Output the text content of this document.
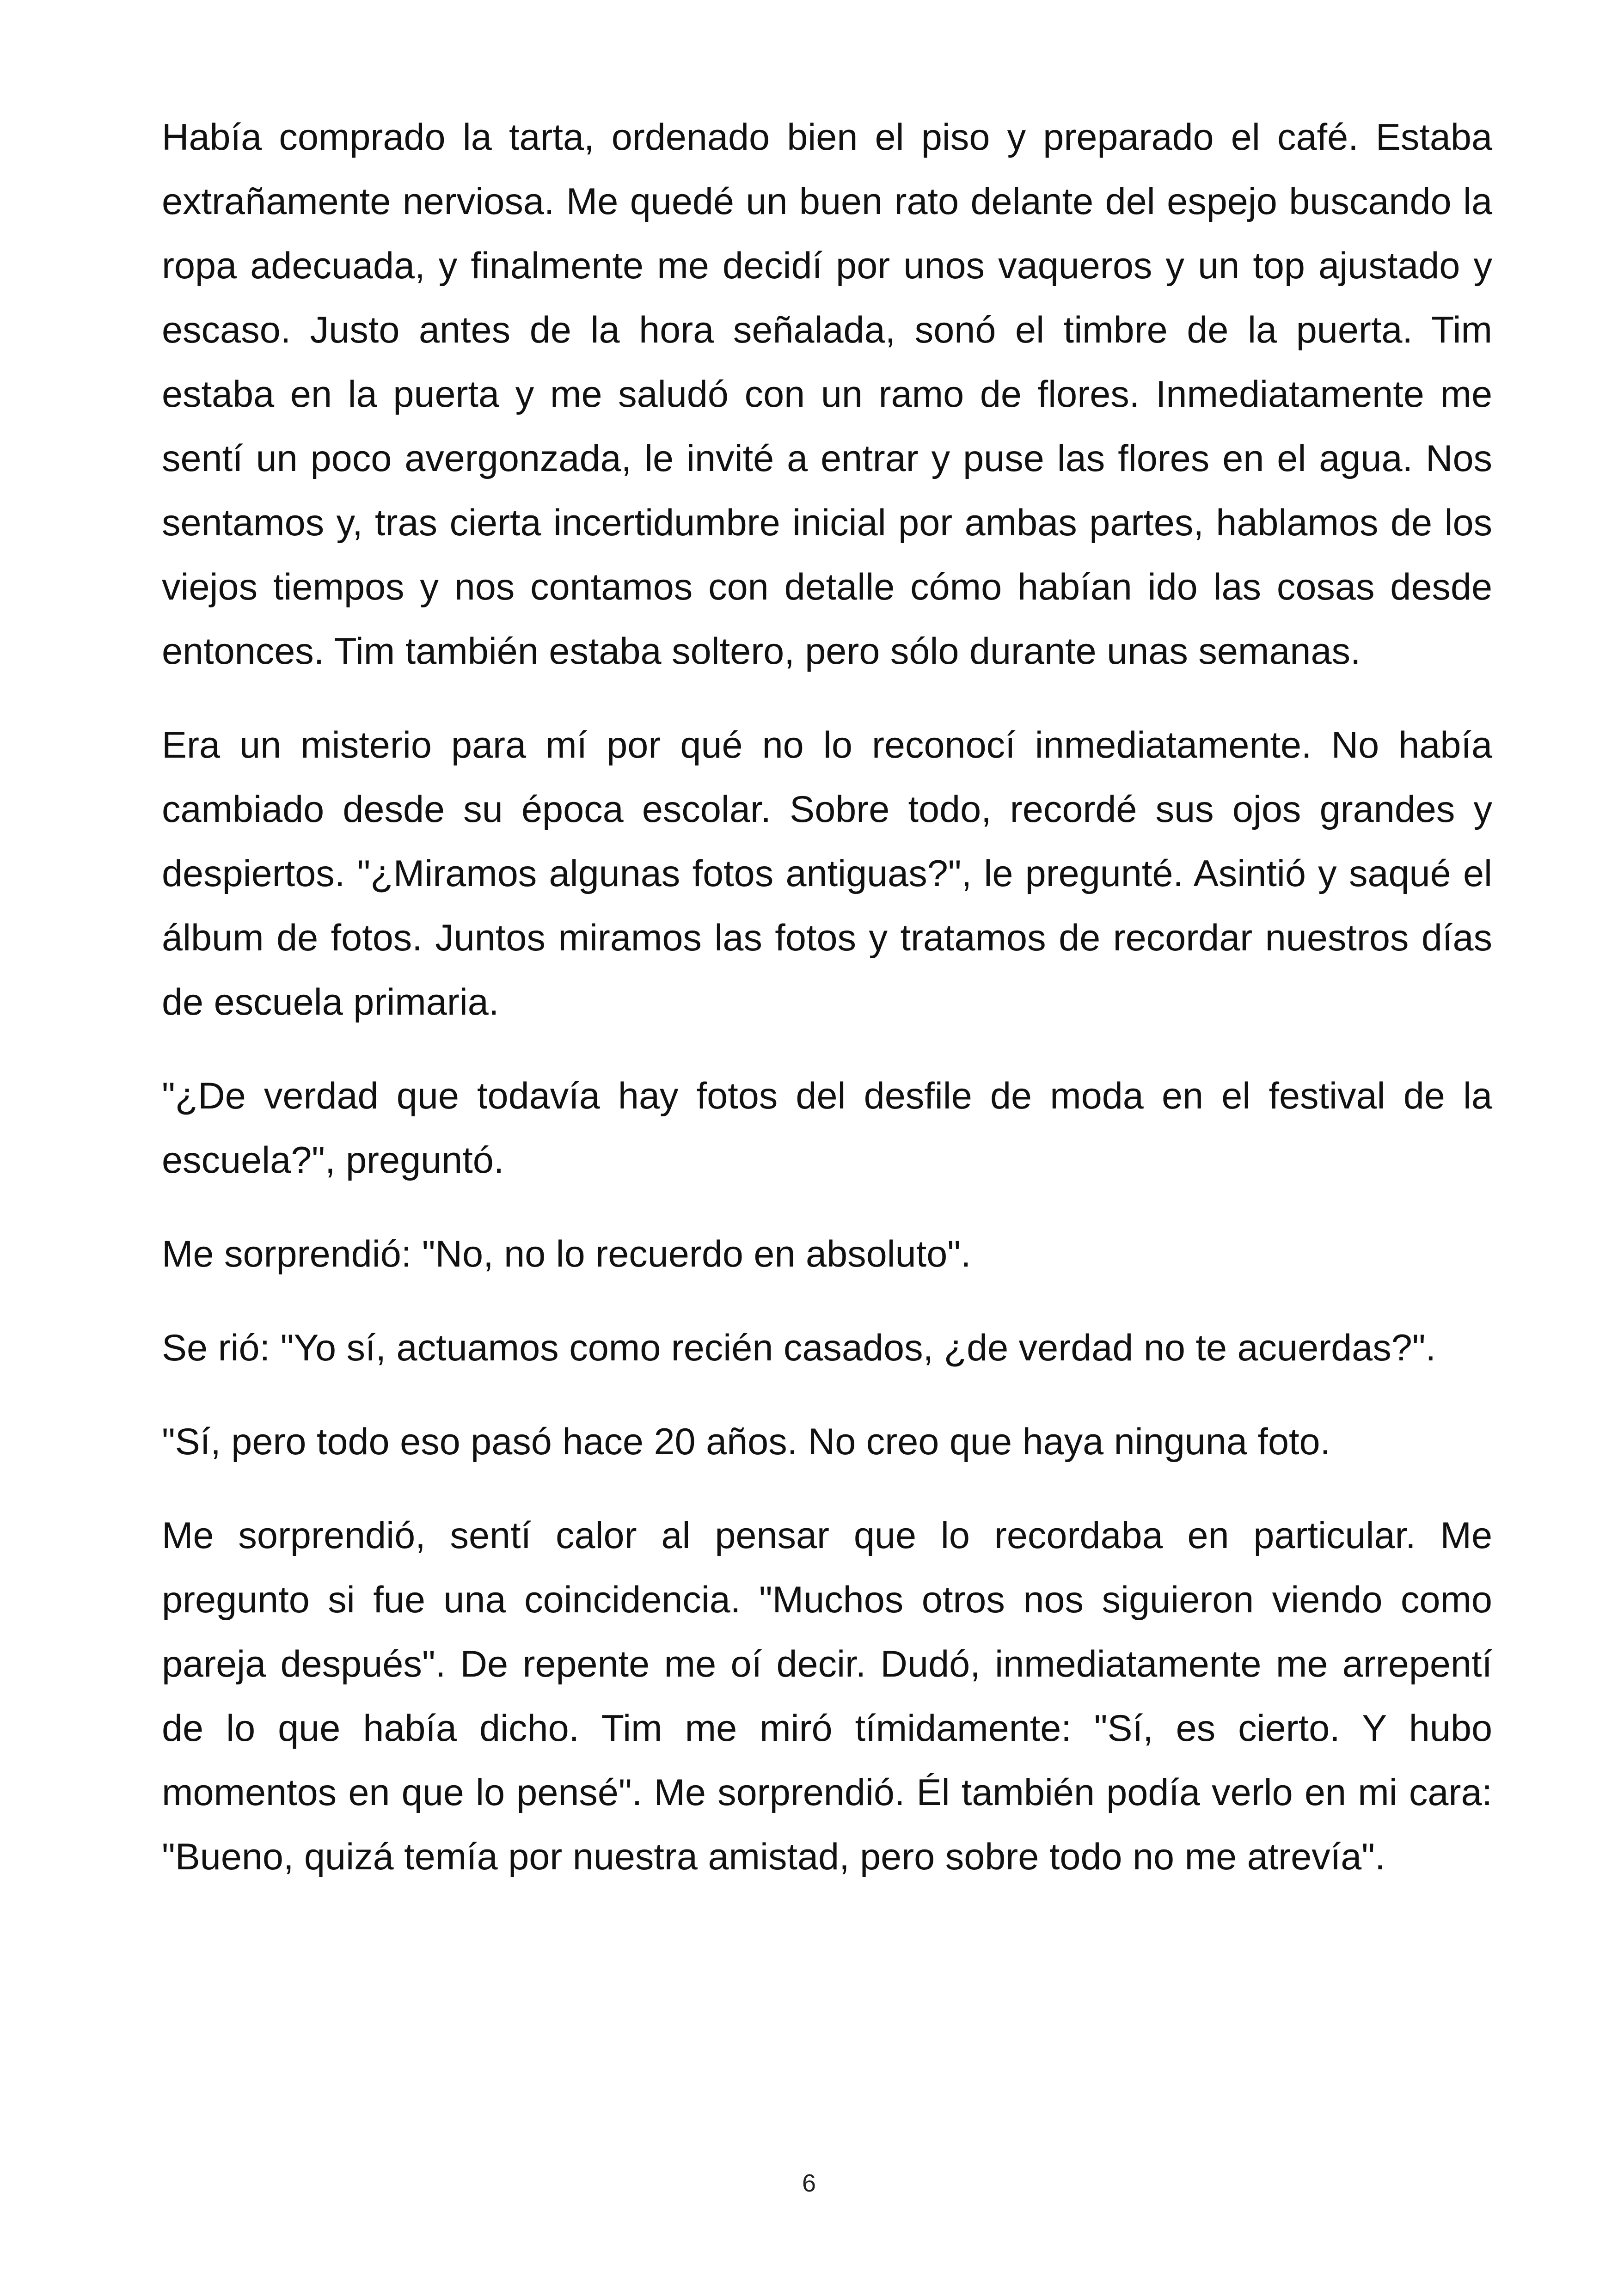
Había comprado la tarta, ordenado bien el piso y preparado el café. Estaba extrañamente nerviosa. Me quedé un buen rato delante del espejo buscando la ropa adecuada, y finalmente me decidí por unos vaqueros y un top ajustado y escaso. Justo antes de la hora señalada, sonó el timbre de la puerta. Tim estaba en la puerta y me saludó con un ramo de flores. Inmediatamente me sentí un poco avergonzada, le invité a entrar y puse las flores en el agua. Nos sentamos y, tras cierta incertidumbre inicial por ambas partes, hablamos de los viejos tiempos y nos contamos con detalle cómo habían ido las cosas desde entonces. Tim también estaba soltero, pero sólo durante unas semanas.

Era un misterio para mí por qué no lo reconocí inmediatamente. No había cambiado desde su época escolar. Sobre todo, recordé sus ojos grandes y despiertos. "¿Miramos algunas fotos antiguas?", le pregunté. Asintió y saqué el álbum de fotos. Juntos miramos las fotos y tratamos de recordar nuestros días de escuela primaria.

"¿De verdad que todavía hay fotos del desfile de moda en el festival de la escuela?", preguntó.

Me sorprendió: "No, no lo recuerdo en absoluto".

Se rió: "Yo sí, actuamos como recién casados, ¿de verdad no te acuerdas?".

"Sí, pero todo eso pasó hace 20 años. No creo que haya ninguna foto.

Me sorprendió, sentí calor al pensar que lo recordaba en particular. Me pregunto si fue una coincidencia. "Muchos otros nos siguieron viendo como pareja después". De repente me oí decir. Dudó, inmediatamente me arrepentí de lo que había dicho. Tim me miró tímidamente: "Sí, es cierto. Y hubo momentos en que lo pensé". Me sorprendió. Él también podía verlo en mi cara: "Bueno, quizá temía por nuestra amistad, pero sobre todo no me atrevía".

6
